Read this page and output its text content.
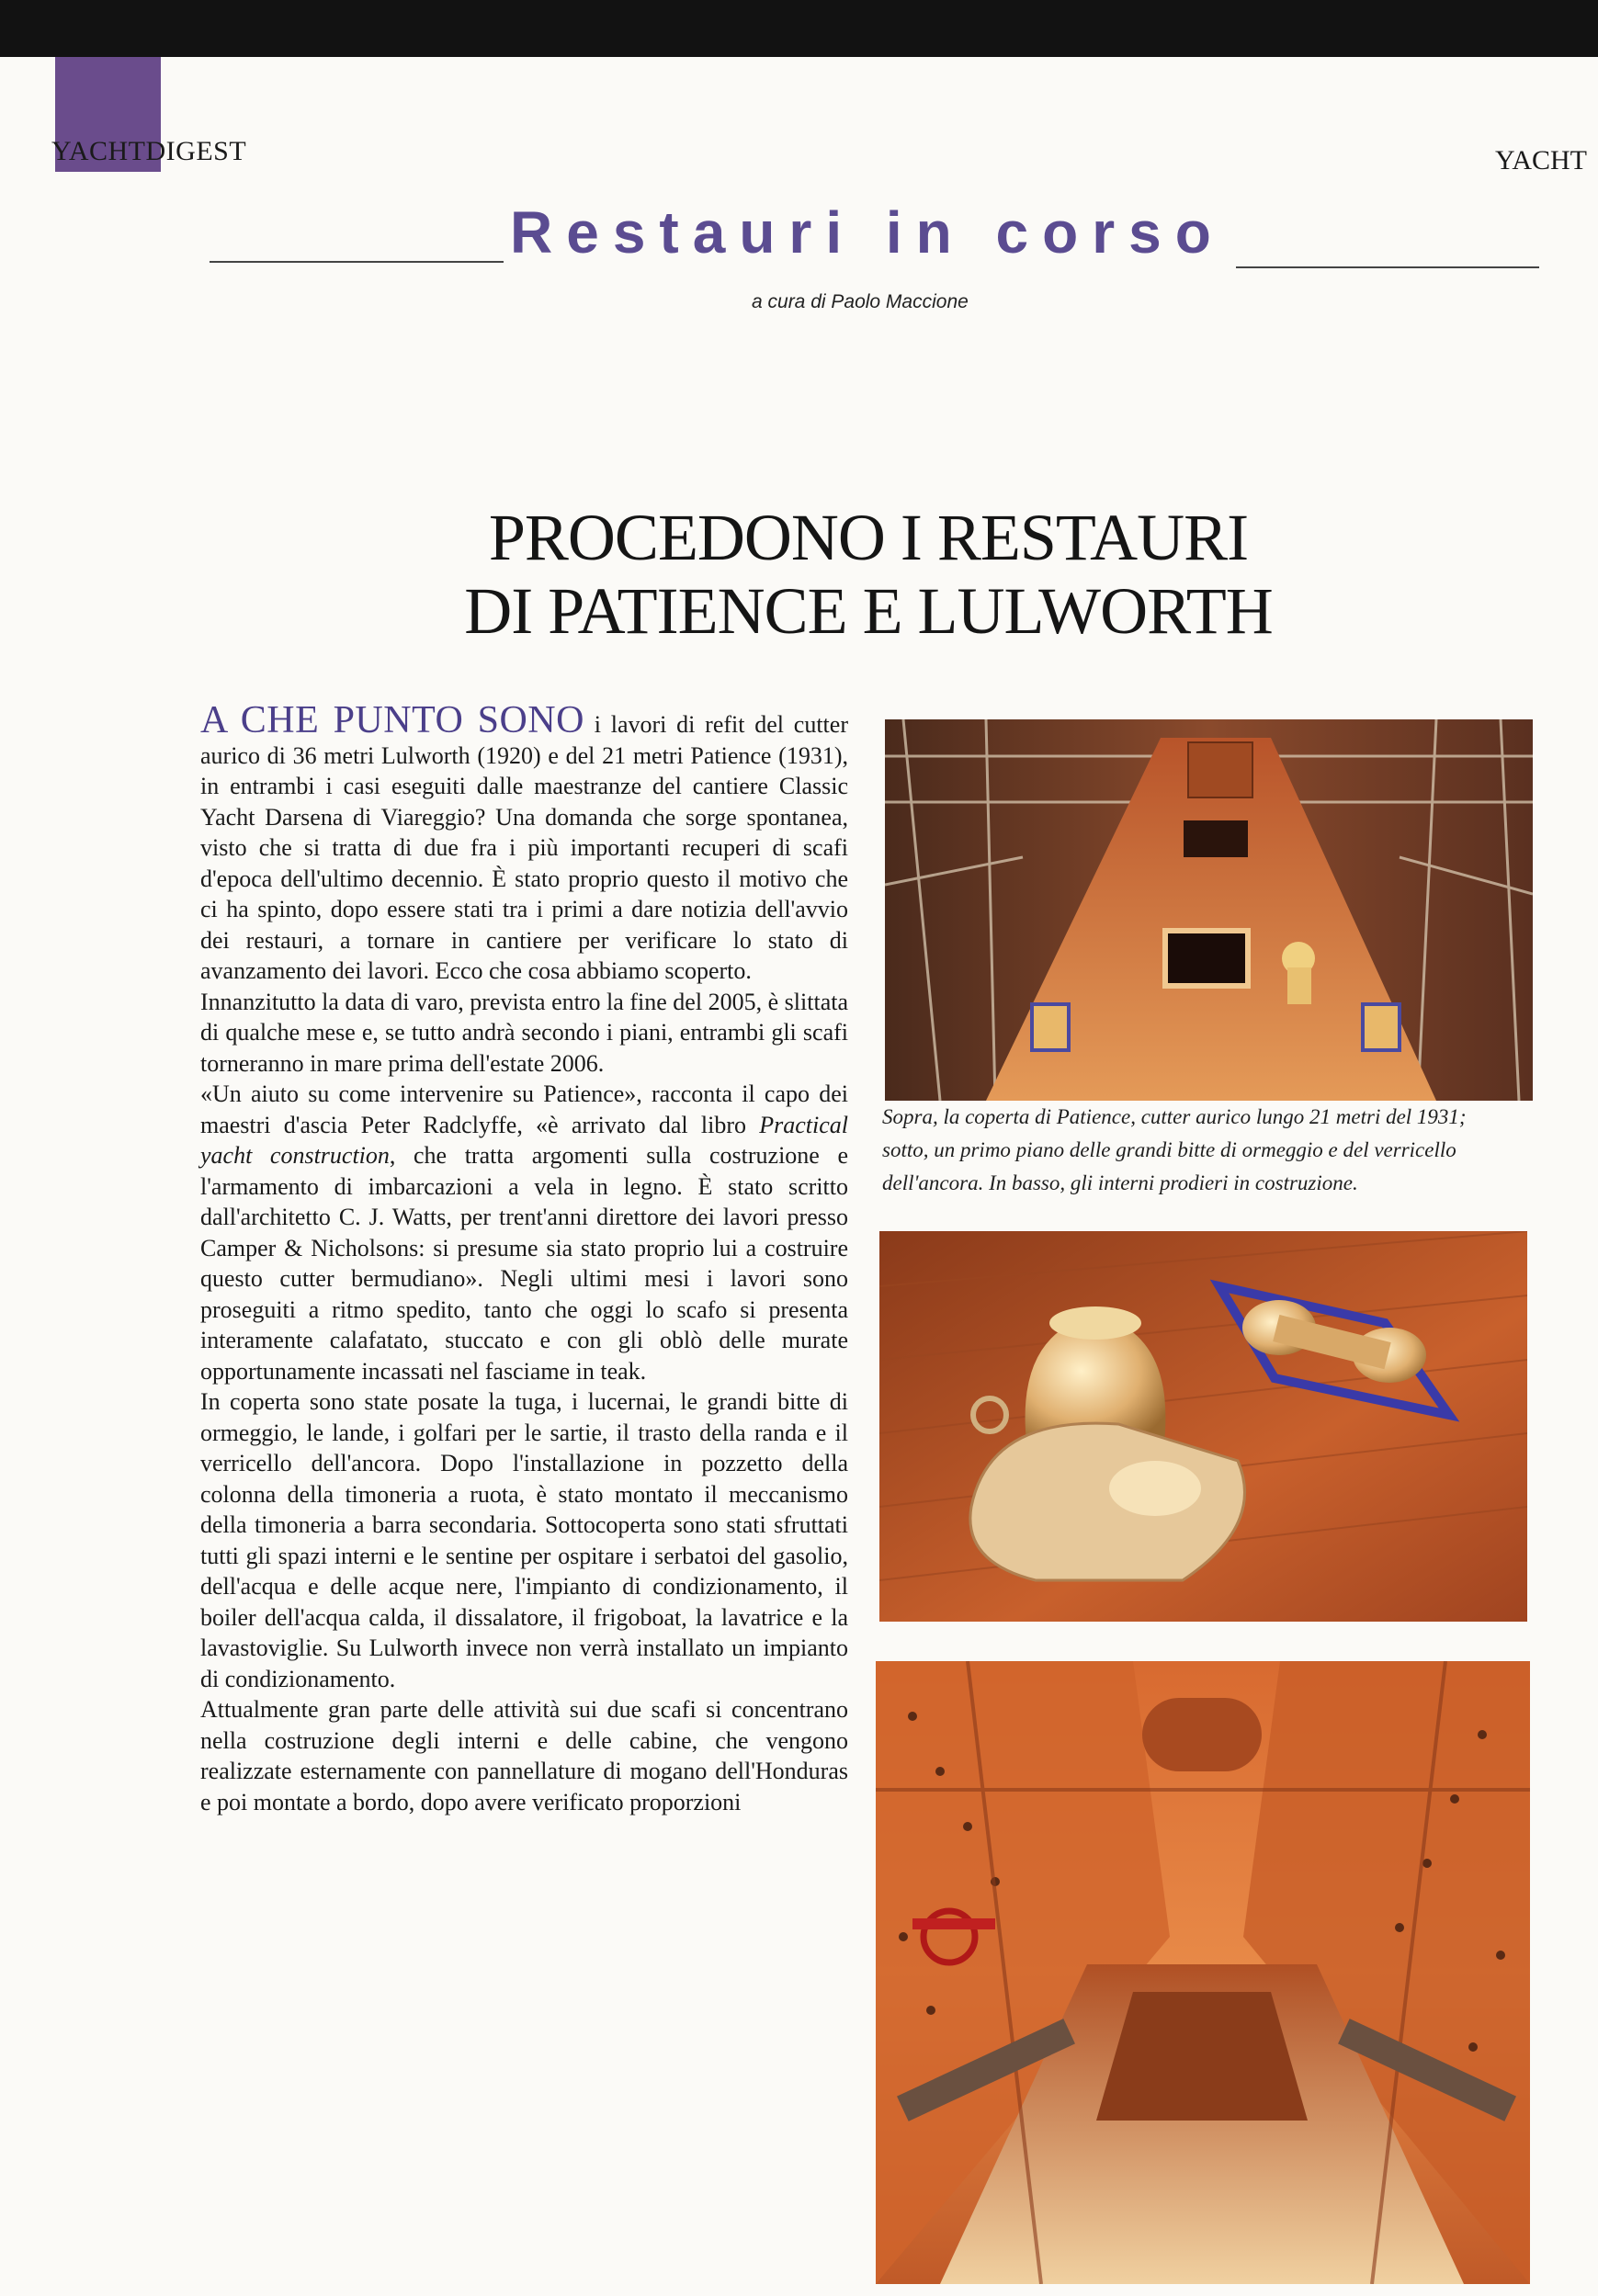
YACHTDIGEST	YACHT
Restauri in corso
a cura di Paolo Maccione
PROCEDONO I RESTAURI
DI PATIENCE E LULWORTH

A CHE PUNTO SONO i lavori di refit del cutter aurico di 36 metri Lulworth (1920) e del 21 metri Patience (1931), in entrambi i casi eseguiti dalle maestranze del cantiere Classic Yacht Darsena di Viareggio? Una domanda che sorge spontanea, visto che si tratta di due fra i più importanti recuperi di scafi d'epoca dell'ultimo decennio. È stato proprio questo il motivo che ci ha spinto, dopo essere stati tra i primi a dare notizia dell'avvio dei restauri, a tornare in cantiere per verificare lo stato di avanzamento dei lavori. Ecco che cosa abbiamo scoperto.

Innanzitutto la data di varo, prevista entro la fine del 2005, è slittata di qualche mese e, se tutto andrà secondo i piani, entrambi gli scafi torneranno in mare prima dell'estate 2006.

«Un aiuto su come intervenire su Patience», racconta il capo dei maestri d'ascia Peter Radclyffe, «è arrivato dal libro Practical yacht construction, che tratta argomenti sulla costruzione e l'armamento di imbarcazioni a vela in legno. È stato scritto dall'architetto C. J. Watts, per trent'anni direttore dei lavori presso Camper & Nicholsons: si presume sia stato proprio lui a costruire questo cutter bermudiano». Negli ultimi mesi i lavori sono proseguiti a ritmo spedito, tanto che oggi lo scafo si presenta interamente calafatato, stuccato e con gli oblò delle murate opportunamente incassati nel fasciame in teak.

In coperta sono state posate la tuga, i lucernai, le grandi bitte di ormeggio, le lande, i golfari per le sartie, il trasto della randa e il verricello dell'ancora. Dopo l'installazione in pozzetto della colonna della timoneria a ruota, è stato montato il meccanismo della timoneria a barra secondaria. Sottocoperta sono stati sfruttati tutti gli spazi interni e le sentine per ospitare i serbatoi del gasolio, dell'acqua e delle acque nere, l'impianto di condizionamento, il boiler dell'acqua calda, il dissalatore, il frigoboat, la lavatrice e la lavastoviglie. Su Lulworth invece non verrà installato un impianto di condizionamento.

Attualmente gran parte delle attività sui due scafi si concentrano nella costruzione degli interni e delle cabine, che vengono realizzate esternamente con pannellature di mogano dell'Honduras e poi montate a bordo, dopo avere verificato proporzioni

Sopra, la coperta di Patience, cutter aurico lungo 21 metri del 1931; sotto, un primo piano delle grandi bitte di ormeggio e del verricello dell'ancora. In basso, gli interni prodieri in costruzione.
